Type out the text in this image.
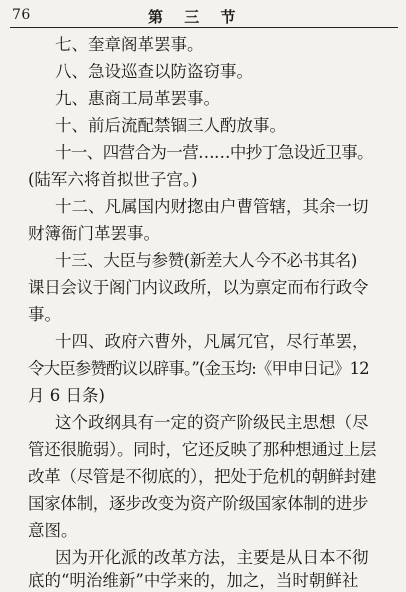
76	第 三 节
七、奎章阁革罢事。
八、急设巡查以防盗窃事。
九、惠商工局革罢事。
十、前后流配禁锢三人酌放事。
十一、四营合为一营……中抄丁急设近卫事。
(陆军六将首拟世子宫。)
十二、凡属国内财揔由户曹管辖，其余一切
财簿衙门革罢事。
十三、大臣与参赞(新差大人今不必书其名)
课日会议于阁门内议政所，以为禀定而布行政令
事。
十四、政府六曹外，凡属冗官，尽行革罢，
令大臣参赞酌议以辟事。”(金玉均:《甲申日记》12
月 6 日条)
这个政纲具有一定的资产阶级民主思想（尽
管还很脆弱）。同时，它还反映了那种想通过上层
改革（尽管是不彻底的），把处于危机的朝鲜封建
国家体制，逐步改变为资产阶级国家体制的进步
意图。
因为开化派的改革方法，主要是从日本不彻
底的“明治维新”中学来的，加之，当时朝鲜社
